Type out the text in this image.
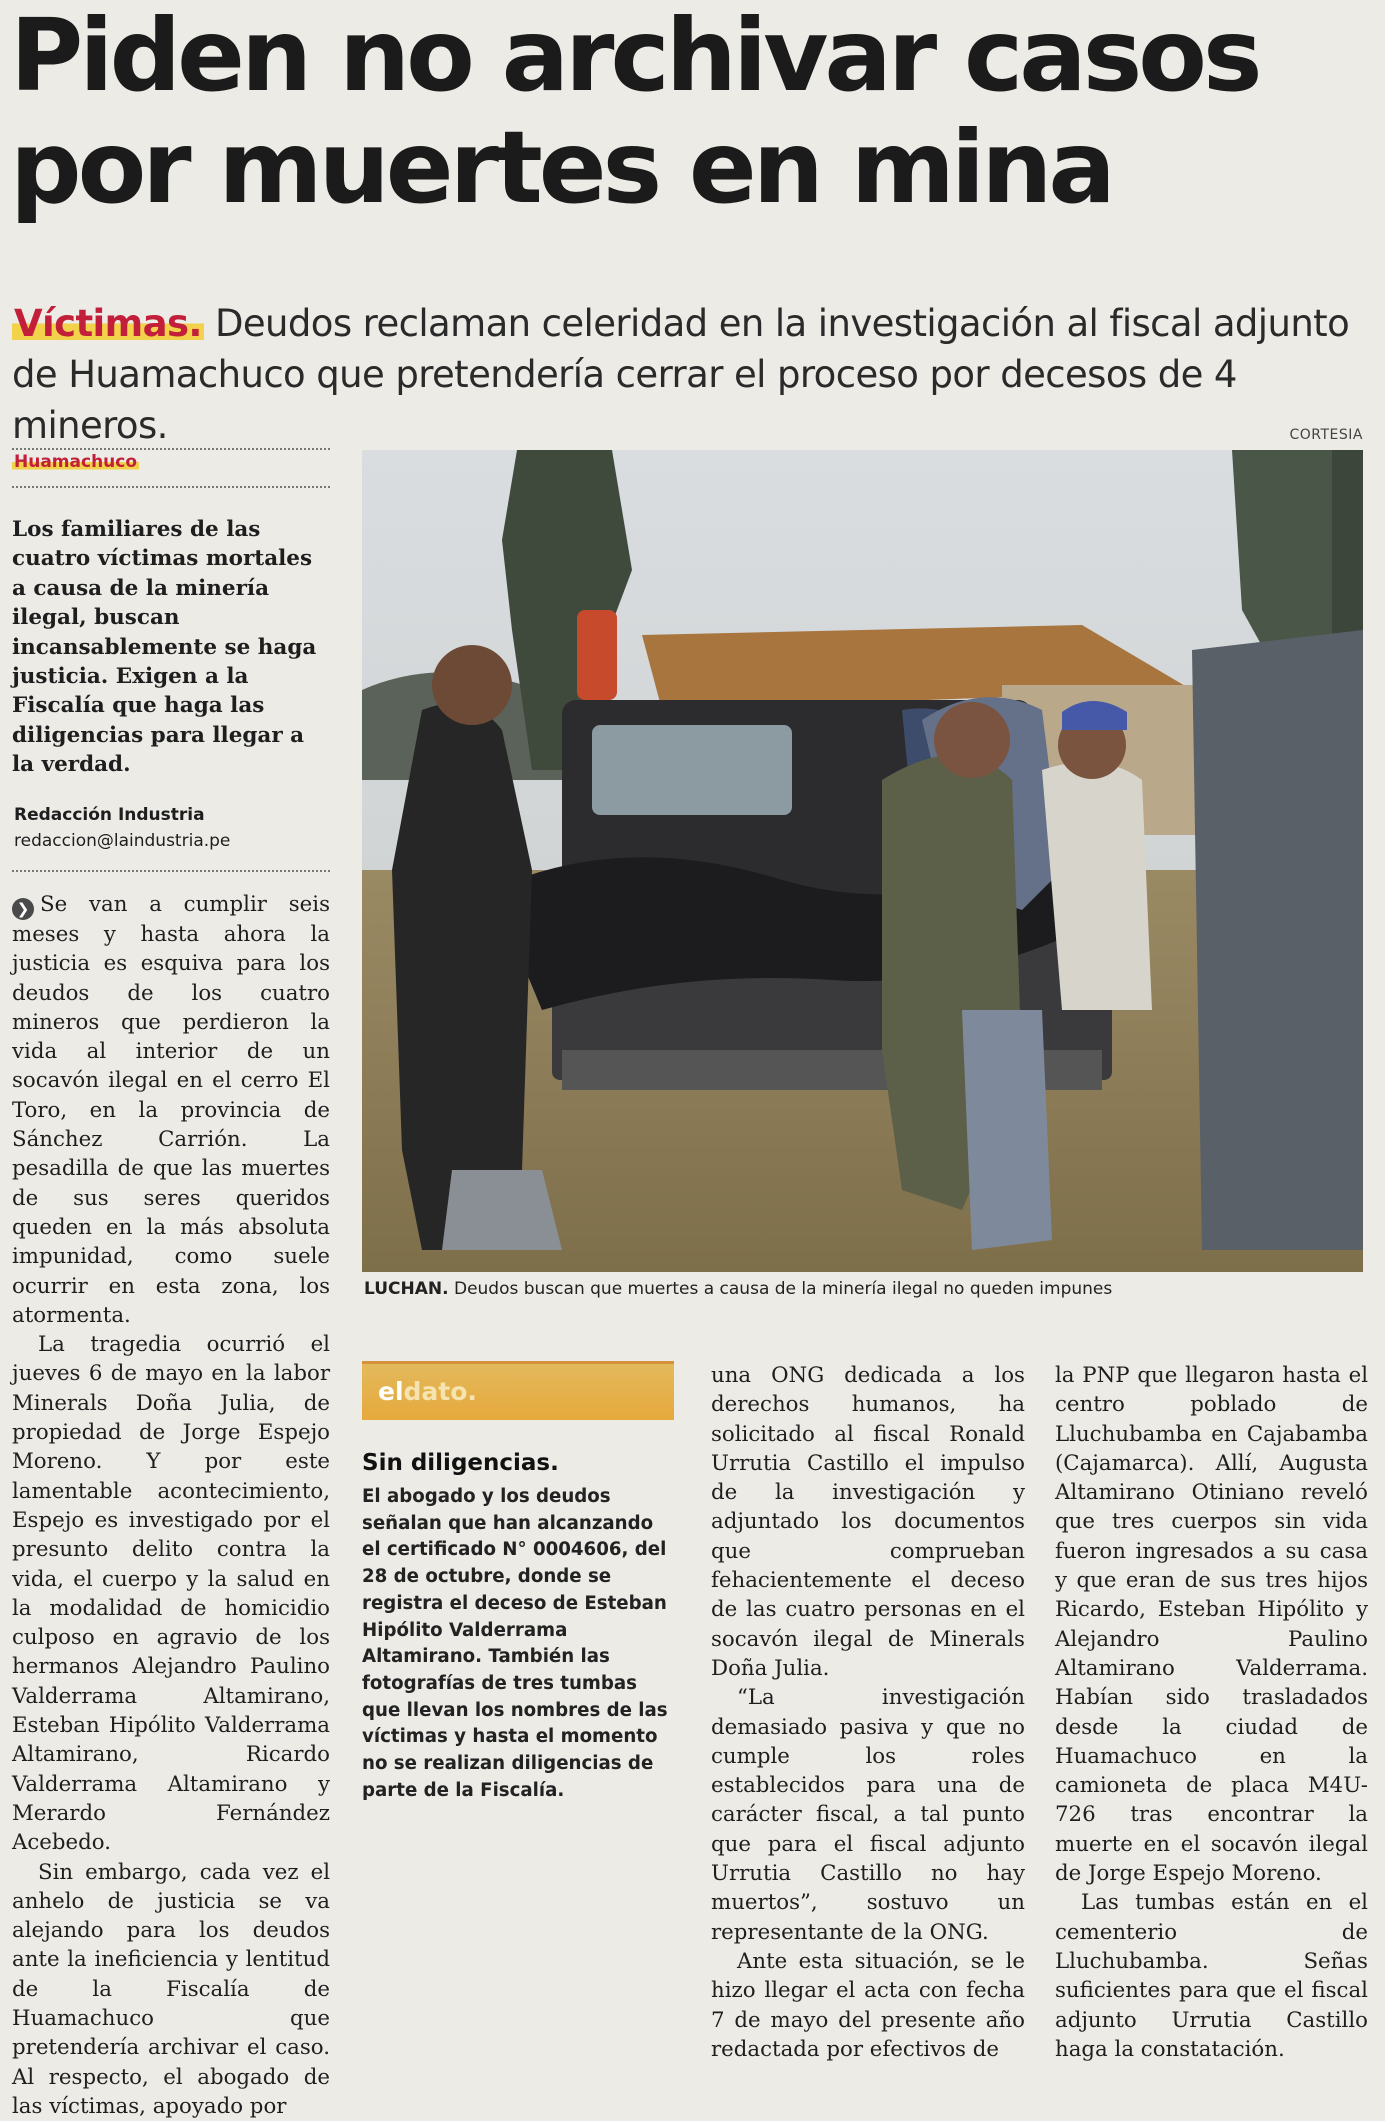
Piden no archivar casos
por muertes en mina
Víctimas. Deudos reclaman celeridad en la investigación al fiscal adjunto de Huamachuco que pretendería cerrar el proceso por decesos de 4 mineros.
Huamachuco
Los familiares de las cuatro víctimas mortales a causa de la minería ilegal, buscan incansablemente se haga justicia. Exigen a la Fiscalía que haga las diligencias para llegar a la verdad.
Redacción Industria
redaccion@laindustria.pe

❯ Se van a cumplir seis meses y hasta ahora la justicia es esquiva para los deudos de los cuatro mineros que perdieron la vida al interior de un socavón ilegal en el cerro El Toro, en la provincia de Sánchez Carrión. La pesadilla de que las muertes de sus seres queridos queden en la más absoluta impunidad, como suele ocurrir en esta zona, los atormenta.

La tragedia ocurrió el jueves 6 de mayo en la labor Minerals Doña Julia, de propiedad de Jorge Espejo Moreno. Y por este lamentable acontecimiento, Espejo es investigado por el presunto delito contra la vida, el cuerpo y la salud en la modalidad de homicidio culposo en agravio de los hermanos Alejandro Paulino Valderrama Altamirano, Esteban Hipólito Valderrama Altamirano, Ricardo Valderrama Altamirano y Merardo Fernández Acebedo.

Sin embargo, cada vez el anhelo de justicia se va alejando para los deudos ante la ineficiencia y lentitud de la Fiscalía de Huamachuco que pretendería archivar el caso. Al respecto, el abogado de las víctimas, apoyado por

CORTESIA
LUCHAN. Deudos buscan que muertes a causa de la minería ilegal no queden impunes
eldato.
Sin diligencias.
El abogado y los deudos señalan que han alcanzando el certificado N° 0004606, del 28 de octubre, donde se registra el deceso de Esteban Hipólito Valderrama Altamirano. También las fotografías de tres tumbas que llevan los nombres de las víctimas y hasta el momento no se realizan diligencias de parte de la Fiscalía.

una ONG dedicada a los derechos humanos, ha solicitado al fiscal Ronald Urrutia Castillo el impulso de la investigación y adjuntado los documentos que comprueban fehacientemente el deceso de las cuatro personas en el socavón ilegal de Minerals Doña Julia.

“La investigación demasiado pasiva y que no cumple los roles establecidos para una de carácter fiscal, a tal punto que para el fiscal adjunto Urrutia Castillo no hay muertos”, sostuvo un representante de la ONG.

Ante esta situación, se le hizo llegar el acta con fecha 7 de mayo del presente año redactada por efectivos de

la PNP que llegaron hasta el centro poblado de Lluchubamba en Cajabamba (Cajamarca). Allí, Augusta Altamirano Otiniano reveló que tres cuerpos sin vida fueron ingresados a su casa y que eran de sus tres hijos Ricardo, Esteban Hipólito y Alejandro Paulino Altamirano Valderrama. Habían sido trasladados desde la ciudad de Huamachuco en la camioneta de placa M4U-726 tras encontrar la muerte en el socavón ilegal de Jorge Espejo Moreno.

Las tumbas están en el cementerio de Lluchubamba. Señas suficientes para que el fiscal adjunto Urrutia Castillo haga la constatación.
